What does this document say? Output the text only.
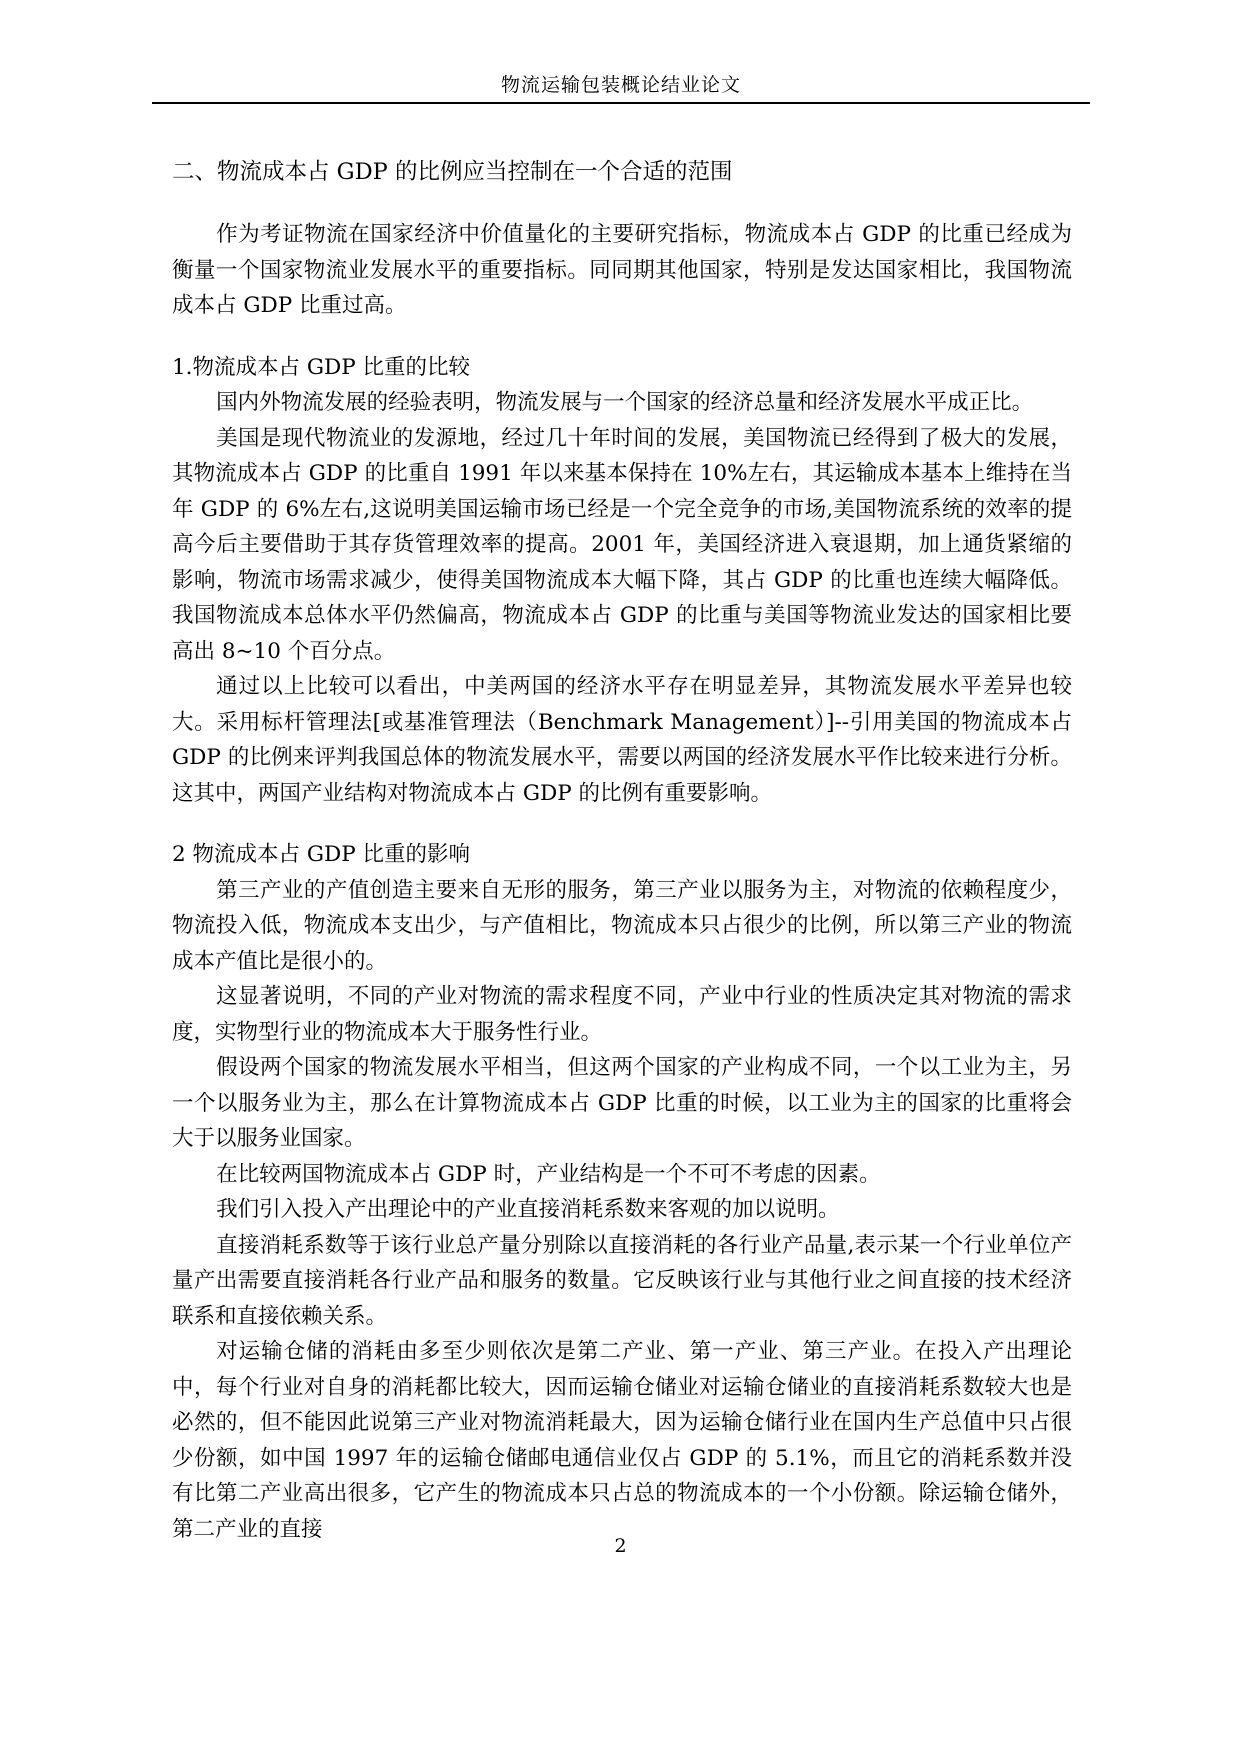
物流运输包装概论结业论文

二、物流成本占 GDP 的比例应当控制在一个合适的范围

作为考证物流在国家经济中价值量化的主要研究指标，物流成本占 GDP 的比重已经成为衡量一个国家物流业发展水平的重要指标。同同期其他国家，特别是发达国家相比，我国物流成本占 GDP 比重过高。

1.物流成本占 GDP 比重的比较

国内外物流发展的经验表明，物流发展与一个国家的经济总量和经济发展水平成正比。

美国是现代物流业的发源地，经过几十年时间的发展，美国物流已经得到了极大的发展，其物流成本占 GDP 的比重自 1991 年以来基本保持在 10%左右，其运输成本基本上维持在当年 GDP 的 6%左右,这说明美国运输市场已经是一个完全竞争的市场,美国物流系统的效率的提高今后主要借助于其存货管理效率的提高。2001 年，美国经济进入衰退期，加上通货紧缩的影响，物流市场需求减少，使得美国物流成本大幅下降，其占 GDP 的比重也连续大幅降低。我国物流成本总体水平仍然偏高，物流成本占 GDP 的比重与美国等物流业发达的国家相比要高出 8~10 个百分点。

通过以上比较可以看出，中美两国的经济水平存在明显差异，其物流发展水平差异也较大。采用标杆管理法[或基准管理法（Benchmark Management）]--引用美国的物流成本占 GDP 的比例来评判我国总体的物流发展水平，需要以两国的经济发展水平作比较来进行分析。这其中，两国产业结构对物流成本占 GDP 的比例有重要影响。

2 物流成本占 GDP 比重的影响

第三产业的产值创造主要来自无形的服务，第三产业以服务为主，对物流的依赖程度少，物流投入低，物流成本支出少，与产值相比，物流成本只占很少的比例，所以第三产业的物流成本产值比是很小的。

这显著说明，不同的产业对物流的需求程度不同，产业中行业的性质决定其对物流的需求度，实物型行业的物流成本大于服务性行业。

假设两个国家的物流发展水平相当，但这两个国家的产业构成不同，一个以工业为主，另一个以服务业为主，那么在计算物流成本占 GDP 比重的时候，以工业为主的国家的比重将会大于以服务业国家。

在比较两国物流成本占 GDP 时，产业结构是一个不可不考虑的因素。

我们引入投入产出理论中的产业直接消耗系数来客观的加以说明。

直接消耗系数等于该行业总产量分别除以直接消耗的各行业产品量,表示某一个行业单位产量产出需要直接消耗各行业产品和服务的数量。它反映该行业与其他行业之间直接的技术经济联系和直接依赖关系。

对运输仓储的消耗由多至少则依次是第二产业、第一产业、第三产业。在投入产出理论中，每个行业对自身的消耗都比较大，因而运输仓储业对运输仓储业的直接消耗系数较大也是必然的，但不能因此说第三产业对物流消耗最大，因为运输仓储行业在国内生产总值中只占很少份额，如中国 1997 年的运输仓储邮电通信业仅占 GDP 的 5.1%，而且它的消耗系数并没有比第二产业高出很多，它产生的物流成本只占总的物流成本的一个小份额。除运输仓储外，第二产业的直接

2
